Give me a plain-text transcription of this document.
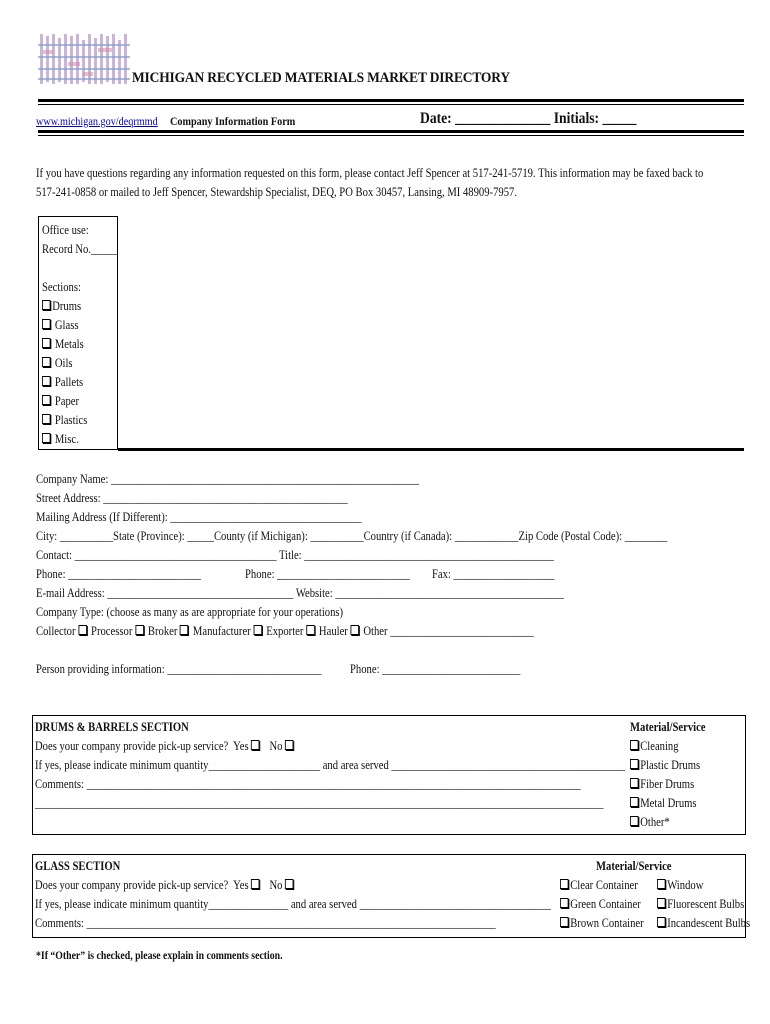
MICHIGAN RECYCLED MATERIALS MARKET DIRECTORY
www.michigan.gov/deqrmmd Company Information Form	Date: ______________ Initials: _____
If you have questions regarding any information requested on this form, please contact Jeff Spencer at 517-241-5719. This information may be faxed back to 517-241-0858 or mailed to Jeff Spencer, Stewardship Specialist, DEQ, PO Box 30457, Lansing, MI 48909-7957.
Office use:
Record No._____
Sections:
Drums
Glass
Metals
Oils
Pallets
Paper
Plastics
Misc.
Company Name: __________________________________________________________
Street Address: ______________________________________________
Mailing Address (If Different): ____________________________________
City: __________State (Province): _____County (if Michigan): __________Country (if Canada): ____________Zip Code (Postal Code): ________
Contact: ______________________________________ Title: _______________________________________________
Phone: _________________________	Phone: _________________________ Fax: ___________________
E-mail Address: ___________________________________ Website: ___________________________________________
Company Type: (choose as many as are appropriate for your operations)
Collector Processor Broker Manufacturer Exporter Hauler Other ___________________________
Person providing information: _____________________________ Phone: __________________________
DRUMS & BARRELS SECTION
Does your company provide pick-up service? Yes No
If yes, please indicate minimum quantity_____________________ and area served ____________________________________________
Comments: _____________________________________________________________________________________________
___________________________________________________________________________________________________________
Material/Service
Cleaning
Plastic Drums
Fiber Drums
Metal Drums
Other*
GLASS SECTION
Does your company provide pick-up service? Yes No
If yes, please indicate minimum quantity_______________ and area served ____________________________________
Comments: _____________________________________________________________________________
Material/Service
Clear Container
Green Container
Brown Container
Window
Fluorescent Bulbs
Incandescent Bulbs
*If “Other” is checked, please explain in comments section.
